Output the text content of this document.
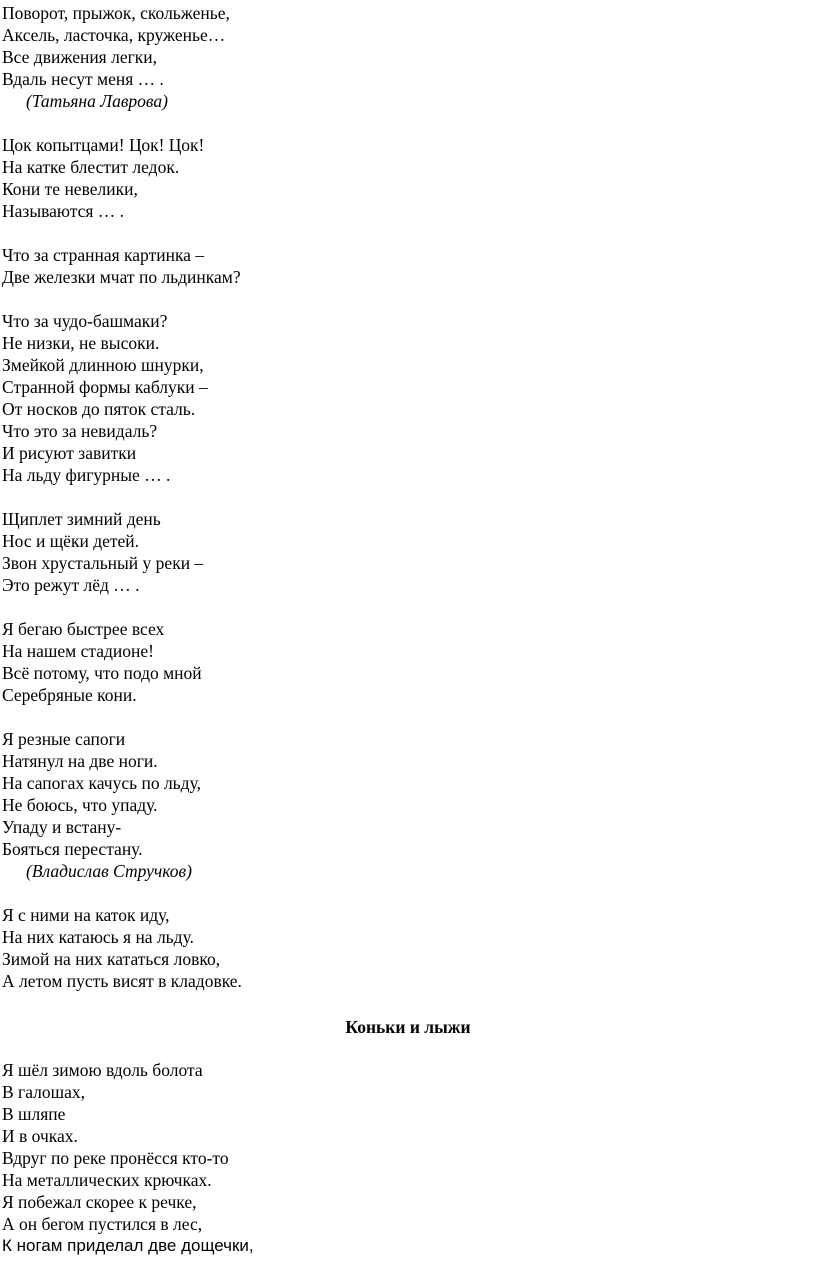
Поворот, прыжок, скольженье,
Аксель, ласточка, круженье…
Все движения легки,
Вдаль несут меня … .
(Татьяна Лаврова)
Цок копытцами! Цок! Цок!
На катке блестит ледок.
Кони те невелики,
Называются … .
Что за странная картинка –
Две железки мчат по льдинкам?
Что за чудо-башмаки?
Не низки, не высоки.
Змейкой длинною шнурки,
Странной формы каблуки –
От носков до пяток сталь.
Что это за невидаль?
И рисуют завитки
На льду фигурные … .
Щиплет зимний день
Нос и щёки детей.
Звон хрустальный у реки –
Это режут лёд … .
Я бегаю быстрее всех
На нашем стадионе!
Всё потому, что подо мной
Серебряные кони.
Я резные сапоги
Натянул на две ноги.
На сапогах качусь по льду,
Не боюсь, что упаду.
Упаду и встану-
Бояться перестану.
(Владислав Стручков)
Я с ними на каток иду,
На них катаюсь я на льду.
Зимой на них кататься ловко,
А летом пусть висят в кладовке.
Коньки и лыжи
Я шёл зимою вдоль болота
В галошах,
В шляпе
И в очках.
Вдруг по реке пронёсся кто-то
На металлических крючках.
Я побежал скорее к речке,
А он бегом пустился в лес,
К ногам приделал две дощечки,
